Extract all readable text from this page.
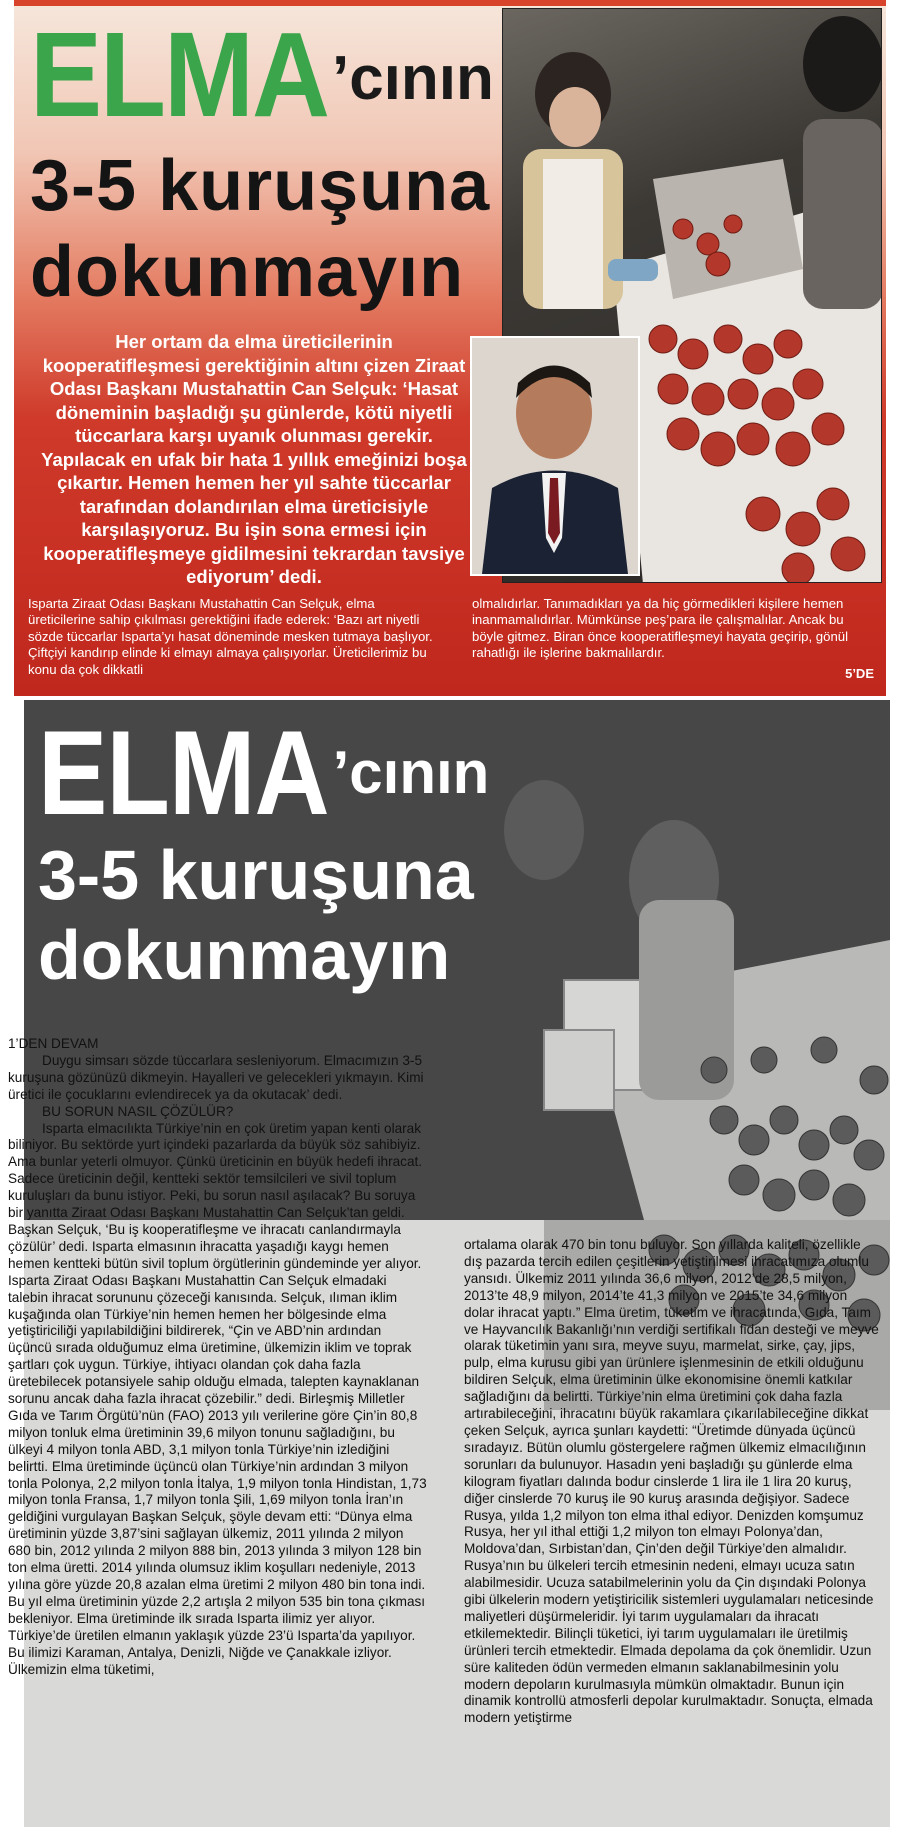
ELMA’cının
3-5 kuruşuna
dokunmayın

Her ortam da elma üreticilerinin kooperatifleşmesi gerektiğinin altını çizen Ziraat Odası Başkanı Mustahattin Can Selçuk: ‘Hasat döneminin başladığı şu günlerde, kötü niyetli tüccarlara karşı uyanık olunması gerekir. Yapılacak en ufak bir hata 1 yıllık emeğinizi boşa çıkartır. Hemen hemen her yıl sahte tüccarlar tarafından dolandırılan elma üreticisiyle karşılaşıyoruz. Bu işin sona ermesi için kooperatifleşmeye gidilmesini tekrardan tavsiye ediyorum’ dedi.

Isparta Ziraat Odası Başkanı Mustahattin Can Selçuk, elma üreticilerine sahip çıkılması gerektiğini ifade ederek: ‘Bazı art niyetli sözde tüccarlar Isparta’yı hasat döneminde mesken tutmaya başlıyor. Çiftçiyi kandırıp elinde ki elmayı almaya çalışıyorlar. Üreticilerimiz bu konu da çok dikkatli

olmalıdırlar. Tanımadıkları ya da hiç görmedikleri kişilere hemen inanmamalıdırlar. Mümkünse peş’para ile çalışmalılar. Ancak bu böyle gitmez. Biran önce kooperatifleşmeyi hayata geçirip, gönül rahatlığı ile işlerine bakmalılardır.

5’DE
ELMA’cının
3-5 kuruşuna
dokunmayın
1’DEN DEVAM
Duygu simsarı sözde tüccarlara sesleniyorum. Elmacımızın 3-5 kuruşuna gözünüzü dikmeyin. Hayalleri ve gelecekleri yıkmayın. Kimi üretici ile çocuklarını evlendirecek ya da okutacak’ dedi.
BU SORUN NASIL ÇÖZÜLÜR?
Isparta elmacılıkta Türkiye’nin en çok üretim yapan kenti olarak biliniyor. Bu sektörde yurt içindeki pazarlarda da büyük söz sahibiyiz. Ama bunlar yeterli olmuyor. Çünkü üreticinin en büyük hedefi ihracat. Sadece üreticinin değil, kentteki sektör temsilcileri ve sivil toplum kuruluşları da bunu istiyor. Peki, bu sorun nasıl aşılacak? Bu soruya bir yanıtta Ziraat Odası Başkanı Mustahattin Can Selçuk’tan geldi. Başkan Selçuk, ‘Bu iş kooperatifleşme ve ihracatı canlandırmayla çözülür’ dedi. Isparta elmasının ihracatta yaşadığı kaygı hemen hemen kentteki bütün sivil toplum örgütlerinin gündeminde yer alıyor. Isparta Ziraat Odası Başkanı Mustahattin Can Selçuk elmadaki talebin ihracat sorununu çözeceği kanısında. Selçuk, ılıman iklim kuşağında olan Türkiye’nin hemen hemen her bölgesinde elma yetiştiriciliği yapılabildiğini bildirerek, “Çin ve ABD’nin ardından üçüncü sırada olduğumuz elma üretimine, ülkemizin iklim ve toprak şartları çok uygun. Türkiye, ihtiyacı olandan çok daha fazla üretebilecek potansiyele sahip olduğu elmada, talepten kaynaklanan sorunu ancak daha fazla ihracat çözebilir.” dedi. Birleşmiş Milletler Gıda ve Tarım Örgütü’nün (FAO) 2013 yılı verilerine göre Çin’in 80,8 milyon tonluk elma üretiminin 39,6 milyon tonunu sağladığını, bu ülkeyi 4 milyon tonla ABD, 3,1 milyon tonla Türkiye’nin izlediğini belirtti. Elma üretiminde üçüncü olan Türkiye’nin ardından 3 milyon tonla Polonya, 2,2 milyon tonla İtalya, 1,9 milyon tonla Hindistan, 1,73 milyon tonla Fransa, 1,7 milyon tonla Şili, 1,69 milyon tonla İran’ın geldiğini vurgulayan Başkan Selçuk, şöyle devam etti: “Dünya elma üretiminin yüzde 3,87’sini sağlayan ülkemiz, 2011 yılında 2 milyon 680 bin, 2012 yılında 2 milyon 888 bin, 2013 yılında 3 milyon 128 bin ton elma üretti. 2014 yılında olumsuz iklim koşulları nedeniyle, 2013 yılına göre yüzde 20,8 azalan elma üretimi 2 milyon 480 bin tona indi. Bu yıl elma üretiminin yüzde 2,2 artışla 2 milyon 535 bin tona çıkması bekleniyor. Elma üretiminde ilk sırada Isparta ilimiz yer alıyor. Türkiye’de üretilen elmanın yaklaşık yüzde 23’ü Isparta’da yapılıyor. Bu ilimizi Karaman, Antalya, Denizli, Niğde ve Çanakkale izliyor. Ülkemizin elma tüketimi,
ortalama olarak 470 bin tonu buluyor. Son yıllarda kaliteli, özellikle dış pazarda tercih edilen çeşitlerin yetiştirilmesi ihracatımıza olumlu yansıdı. Ülkemiz 2011 yılında 36,6 milyon, 2012’de 28,5 milyon, 2013’te 48,9 milyon, 2014’te 41,3 milyon ve 2015’te 34,6 milyon dolar ihracat yaptı.” Elma üretim, tüketim ve ihracatında, Gıda, Taım ve Hayvancılık Bakanlığı’nın verdiği sertifikalı fidan desteği ve meyve olarak tüketimin yanı sıra, meyve suyu, marmelat, sirke, çay, jips, pulp, elma kurusu gibi yan ürünlere işlenmesinin de etkili olduğunu bildiren Selçuk, elma üretiminin ülke ekonomisine önemli katkılar sağladığını da belirtti. Türkiye’nin elma üretimini çok daha fazla artırabileceğini, ihracatını büyük rakamlara çıkarılabileceğine dikkat çeken Selçuk, ayrıca şunları kaydetti: “Üretimde dünyada üçüncü sıradayız. Bütün olumlu göstergelere rağmen ülkemiz elmacılığının sorunları da bulunuyor. Hasadın yeni başladığı şu günlerde elma kilogram fiyatları dalında bodur cinslerde 1 lira ile 1 lira 20 kuruş, diğer cinslerde 70 kuruş ile 90 kuruş arasında değişiyor. Sadece Rusya, yılda 1,2 milyon ton elma ithal ediyor. Denizden komşumuz Rusya, her yıl ithal ettiği 1,2 milyon ton elmayı Polonya’dan, Moldova’dan, Sırbistan’dan, Çin’den değil Türkiye’den almalıdır. Rusya’nın bu ülkeleri tercih etmesinin nedeni, elmayı ucuza satın alabilmesidir. Ucuza satabilmelerinin yolu da Çin dışındaki Polonya gibi ülkelerin modern yetiştiricilik sistemleri uygulamaları neticesinde maliyetleri düşürmeleridir. İyi tarım uygulamaları da ihracatı etkilemektedir. Bilinçli tüketici, iyi tarım uygulamaları ile üretilmiş ürünleri tercih etmektedir. Elmada depolama da çok önemlidir. Uzun süre kaliteden ödün vermeden elmanın saklanabilmesinin yolu modern depoların kurulmasıyla mümkün olmaktadır. Bunun için dinamik kontrollü atmosferli depolar kurulmaktadır. Sonuçta, elmada modern yetiştirme
